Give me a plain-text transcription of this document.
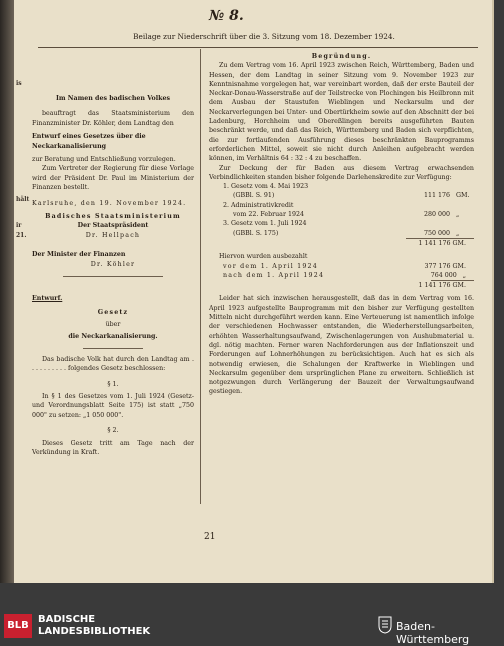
is
hält
ir
21.
№ 8.
Beilage zur Niederschrift über die 3. Sitzung vom 18. Dezember 1924.

Im Namen des badischen Volkes

beauftragt das Staatsministerium den Finanzminister Dr. Köhler, dem Landtag den

Entwurf eines Gesetzes über die Neckarkanalisierung

zur Beratung und Entschließung vorzulegen.

Zum Vertreter der Regierung für diese Vorlage wird der Präsident Dr. Paul im Ministerium der Finanzen bestellt.

Karlsruhe, den 19. November 1924.

Badisches Staatsministerium

Der Staatspräsident

Dr. Hellpach

Der Minister der Finanzen

Dr. Köhler

Entwurf.

Gesetz

über

die Neckarkanalisierung.

Das badische Volk hat durch den Landtag am . . . . . . . . . . folgendes Gesetz beschlossen:

§ 1.

In § 1 des Gesetzes vom 1. Juli 1924 (Gesetz- und Verordnungsblatt Seite 175) ist statt „750 000" zu setzen: „1 050 000".

§ 2.

Dieses Gesetz tritt am Tage nach der Verkündung in Kraft.

Begründung.

Zu dem Vertrag vom 16. April 1923 zwischen Reich, Württemberg, Baden und Hessen, der dem Landtag in seiner Sitzung vom 9. November 1923 zur Kenntnisnahme vorgelegen hat, war vereinbart worden, daß der erste Bauteil der Neckar-Donau-Wasserstraße auf der Teilstrecke von Plochingen bis Heilbronn mit dem Ausbau der Staustufen Wieblingen und Neckarsulm und der Neckarverlegungen bei Unter- und Obertürkheim sowie auf den Abschnitt der bei Ladenburg, Horchheim und Obereßlingen bereits ausgeführten Bauten beschränkt werde, und daß das Reich, Württemberg und Baden sich verpflichten, die zur fortlaufenden Ausführung dieses beschränkten Bauprogramms erforderlichen Mittel, soweit sie nicht durch Anleihen aufgebracht werden können, im Verhältnis 64 : 32 : 4 zu beschaffen.

Zur Deckung der für Baden aus diesem Vertrag erwachsenden Verbindlichkeiten standen bisher folgende Darlehenskredite zur Verfügung:

1. Gesetz vom 4. Mai 1923
(GBBl. S. 91)	111 176 GM.
2. Administrativkredit
vom 22. Februar 1924	280 000 „
3. Gesetz vom 1. Juli 1924
(GBBl. S. 175)	750 000 „
1 141 176 GM.

Hiervon wurden ausbezahlt

vor dem 1. April 1924	377 176 GM.
nach dem 1. April 1924	764 000 „
1 141 176 GM.

Leider hat sich inzwischen herausgestellt, daß das in dem Vertrag vom 16. April 1923 aufgestellte Bauprogramm mit den bisher zur Verfügung gestellten Mitteln nicht durchgeführt werden kann. Eine Verteuerung ist namentlich infolge der verschiedenen Hochwasser entstanden, die Wiederherstellungsarbeiten, erhöhten Wasserhaltungsaufwand, Zwischenlagerungen von Aushubmaterial u. dgl. nötig machten. Ferner waren Nachforderungen aus der Inflationszeit und Forderungen auf Lohnerhöhungen zu berücksichtigen. Auch hat es sich als notwendig erwiesen, die Schalungen der Kraftwerke in Wieblingen und Neckarsulm gegenüber dem ursprünglichen Plane zu erweitern. Schließlich ist notgezwungen durch Verlängerung der Bauzeit der Verwaltungsaufwand gestiegen.

21
BLB
BADISCHE
LANDESBIBLIOTHEK	Baden-Württemberg
